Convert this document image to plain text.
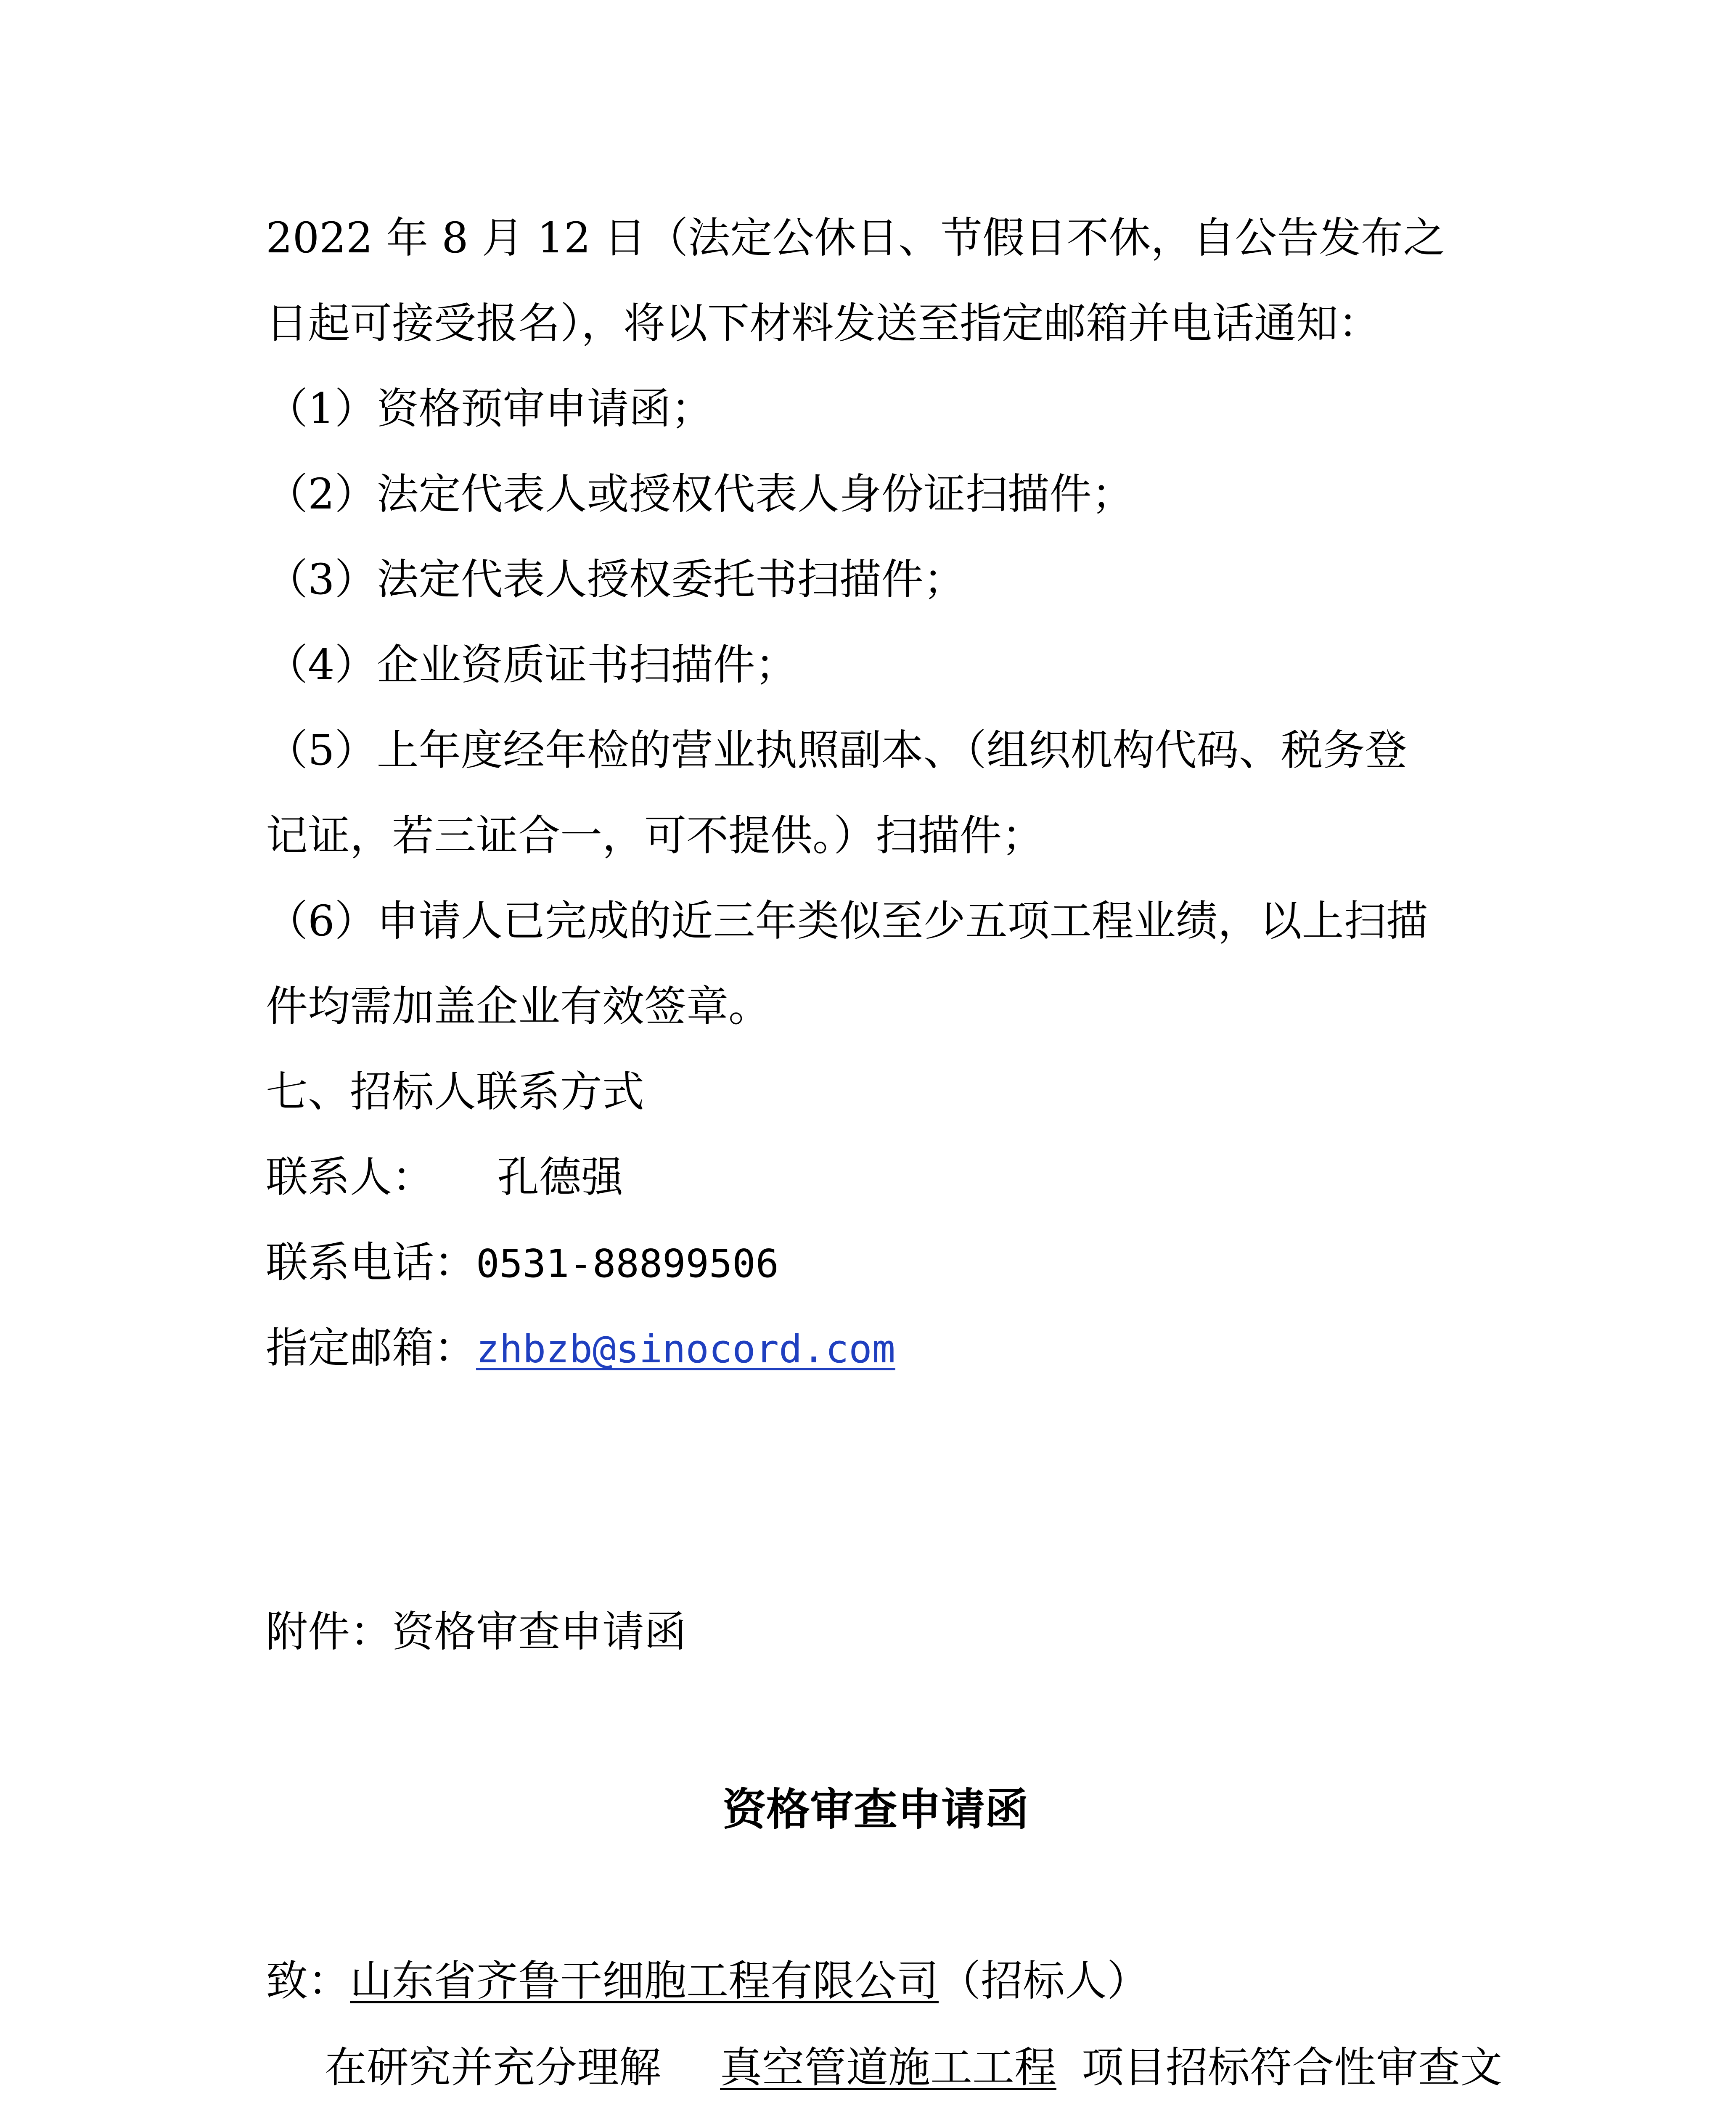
2022 年 8 月 12 日（法定公休日、节假日不休，自公告发布之
日起可接受报名），将以下材料发送至指定邮箱并电话通知：
（1）资格预审申请函；
（2）法定代表人或授权代表人身份证扫描件；
（3）法定代表人授权委托书扫描件；
（4）企业资质证书扫描件；
（5）上年度经年检的营业执照副本、（组织机构代码、税务登
记证，若三证合一，可不提供。）扫描件；
（6）申请人已完成的近三年类似至少五项工程业绩，以上扫描
件均需加盖企业有效签章。
七、招标人联系方式
联系人： 孔德强
联系电话：0531-88899506
指定邮箱：zhbzb@sinocord.com
附件：资格审查申请函
资格审查申请函
致：山东省齐鲁干细胞工程有限公司（招标人）
在研究并充分理解 真空管道施工工程 项目招标符合性审查文
